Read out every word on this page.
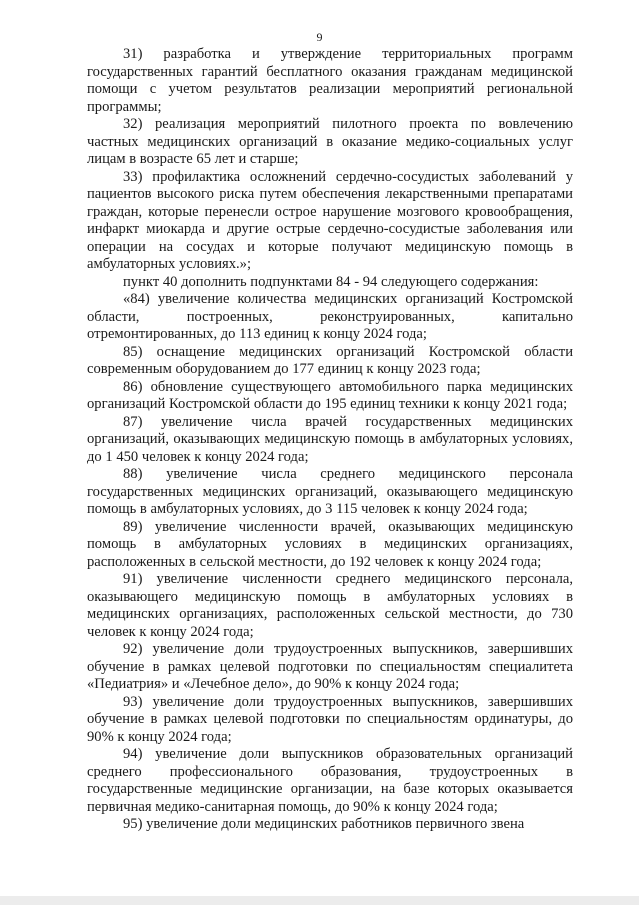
9

31) разработка и утверждение территориальных программ государственных гарантий бесплатного оказания гражданам медицинской помощи с учетом результатов реализации мероприятий региональной программы;

32) реализация мероприятий пилотного проекта по вовлечению частных медицинских организаций в оказание медико-социальных услуг лицам в возрасте 65 лет и старше;

33) профилактика осложнений сердечно-сосудистых заболеваний у пациентов высокого риска путем обеспечения лекарственными препаратами граждан, которые перенесли острое нарушение мозгового кровообращения, инфаркт миокарда и другие острые сердечно-сосудистые заболевания или операции на сосудах и которые получают медицинскую помощь в амбулаторных условиях.»;

пункт 40 дополнить подпунктами 84 - 94 следующего содержания:

«84) увеличение количества медицинских организаций Костромской области, построенных, реконструированных, капитально отремонтированных, до 113 единиц к концу 2024 года;

85) оснащение медицинских организаций Костромской области современным оборудованием до 177 единиц к концу 2023 года;

86) обновление существующего автомобильного парка медицинских организаций Костромской области до 195 единиц техники к концу 2021 года;

87) увеличение числа врачей государственных медицинских организаций, оказывающих медицинскую помощь в амбулаторных условиях, до 1 450 человек к концу 2024 года;

88) увеличение числа среднего медицинского персонала государственных медицинских организаций, оказывающего медицинскую помощь в амбулаторных условиях, до 3 115 человек к концу 2024 года;

89) увеличение численности врачей, оказывающих медицинскую помощь в амбулаторных условиях в медицинских организациях, расположенных в сельской местности, до 192 человек к концу 2024 года;

91) увеличение численности среднего медицинского персонала, оказывающего медицинскую помощь в амбулаторных условиях в медицинских организациях, расположенных сельской местности, до 730 человек к концу 2024 года;

92) увеличение доли трудоустроенных выпускников, завершивших обучение в рамках целевой подготовки по специальностям специалитета «Педиатрия» и «Лечебное дело», до 90% к концу 2024 года;

93) увеличение доли трудоустроенных выпускников, завершивших обучение в рамках целевой подготовки по специальностям ординатуры, до 90% к концу 2024 года;

94) увеличение доли выпускников образовательных организаций среднего профессионального образования, трудоустроенных в государственные медицинские организации, на базе которых оказывается первичная медико-санитарная помощь, до 90% к концу 2024 года;

95) увеличение доли медицинских работников первичного звена
